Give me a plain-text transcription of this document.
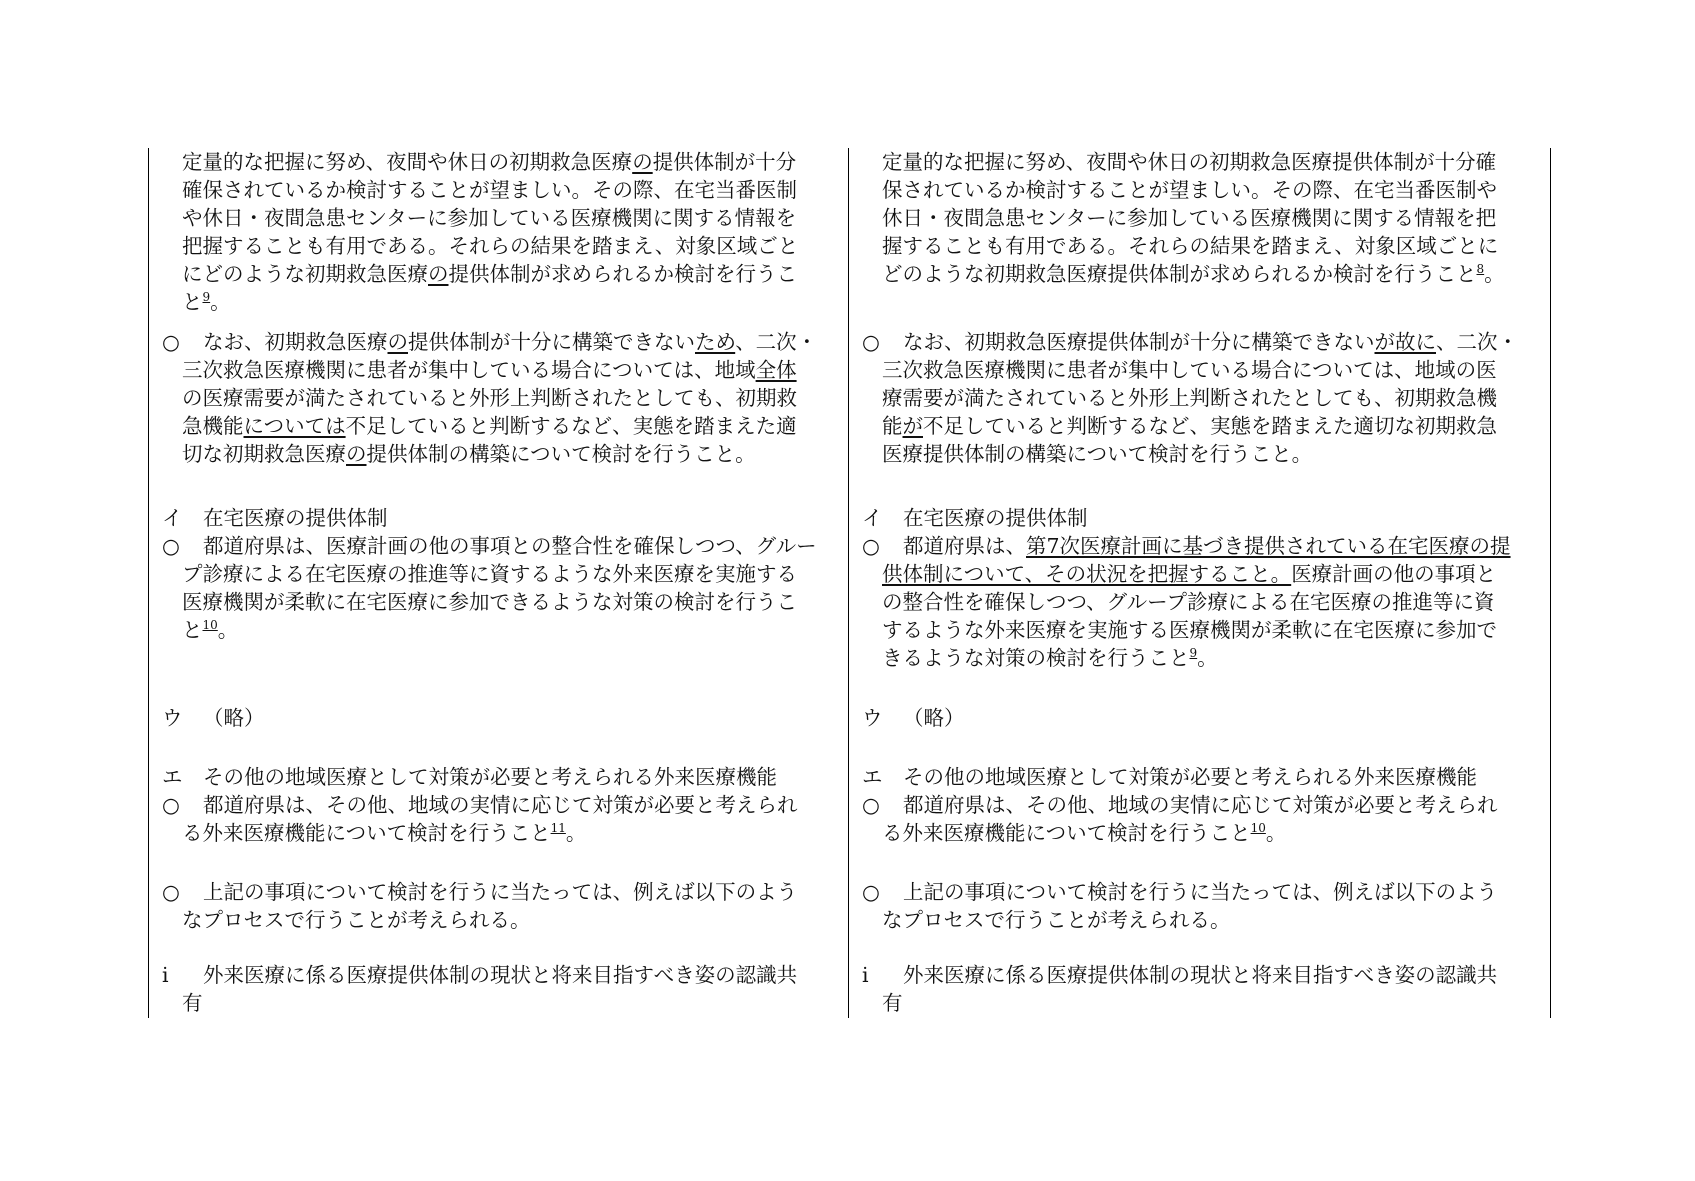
定量的な把握に努め、夜間や休日の初期救急医療の提供体制が十分
確保されているか検討することが望ましい。その際、在宅当番医制
や休日・夜間急患センターに参加している医療機関に関する情報を
把握することも有用である。それらの結果を踏まえ、対象区域ごと
にどのような初期救急医療の提供体制が求められるか検討を行うこ
と$^9$。
○ なお、初期救急医療の提供体制が十分に構築できないため、二次・
三次救急医療機関に患者が集中している場合については、地域全体
の医療需要が満たされていると外形上判断されたとしても、初期救
急機能については不足していると判断するなど、実態を踏まえた適
切な初期救急医療の提供体制の構築について検討を行うこと。
イ 在宅医療の提供体制
○ 都道府県は、医療計画の他の事項との整合性を確保しつつ、グルー
プ診療による在宅医療の推進等に資するような外来医療を実施する
医療機関が柔軟に在宅医療に参加できるような対策の検討を行うこ
と$^{10}$。
ウ （略）
エ その他の地域医療として対策が必要と考えられる外来医療機能
○ 都道府県は、その他、地域の実情に応じて対策が必要と考えられ
る外来医療機能について検討を行うこと$^{11}$。
○ 上記の事項について検討を行うに当たっては、例えば以下のよう
なプロセスで行うことが考えられる。
ⅰ 外来医療に係る医療提供体制の現状と将来目指すべき姿の認識共
有
定量的な把握に努め、夜間や休日の初期救急医療提供体制が十分確
保されているか検討することが望ましい。その際、在宅当番医制や
休日・夜間急患センターに参加している医療機関に関する情報を把
握することも有用である。それらの結果を踏まえ、対象区域ごとに
どのような初期救急医療提供体制が求められるか検討を行うこと$^8$。
○ なお、初期救急医療提供体制が十分に構築できないが故に、二次・
三次救急医療機関に患者が集中している場合については、地域の医
療需要が満たされていると外形上判断されたとしても、初期救急機
能が不足していると判断するなど、実態を踏まえた適切な初期救急
医療提供体制の構築について検討を行うこと。
イ 在宅医療の提供体制
○ 都道府県は、第7次医療計画に基づき提供されている在宅医療の提
供体制について、その状況を把握すること。医療計画の他の事項と
の整合性を確保しつつ、グループ診療による在宅医療の推進等に資
するような外来医療を実施する医療機関が柔軟に在宅医療に参加で
きるような対策の検討を行うこと$^9$。
ウ （略）
エ その他の地域医療として対策が必要と考えられる外来医療機能
○ 都道府県は、その他、地域の実情に応じて対策が必要と考えられ
る外来医療機能について検討を行うこと$^{10}$。
○ 上記の事項について検討を行うに当たっては、例えば以下のよう
なプロセスで行うことが考えられる。
ⅰ 外来医療に係る医療提供体制の現状と将来目指すべき姿の認識共
有
